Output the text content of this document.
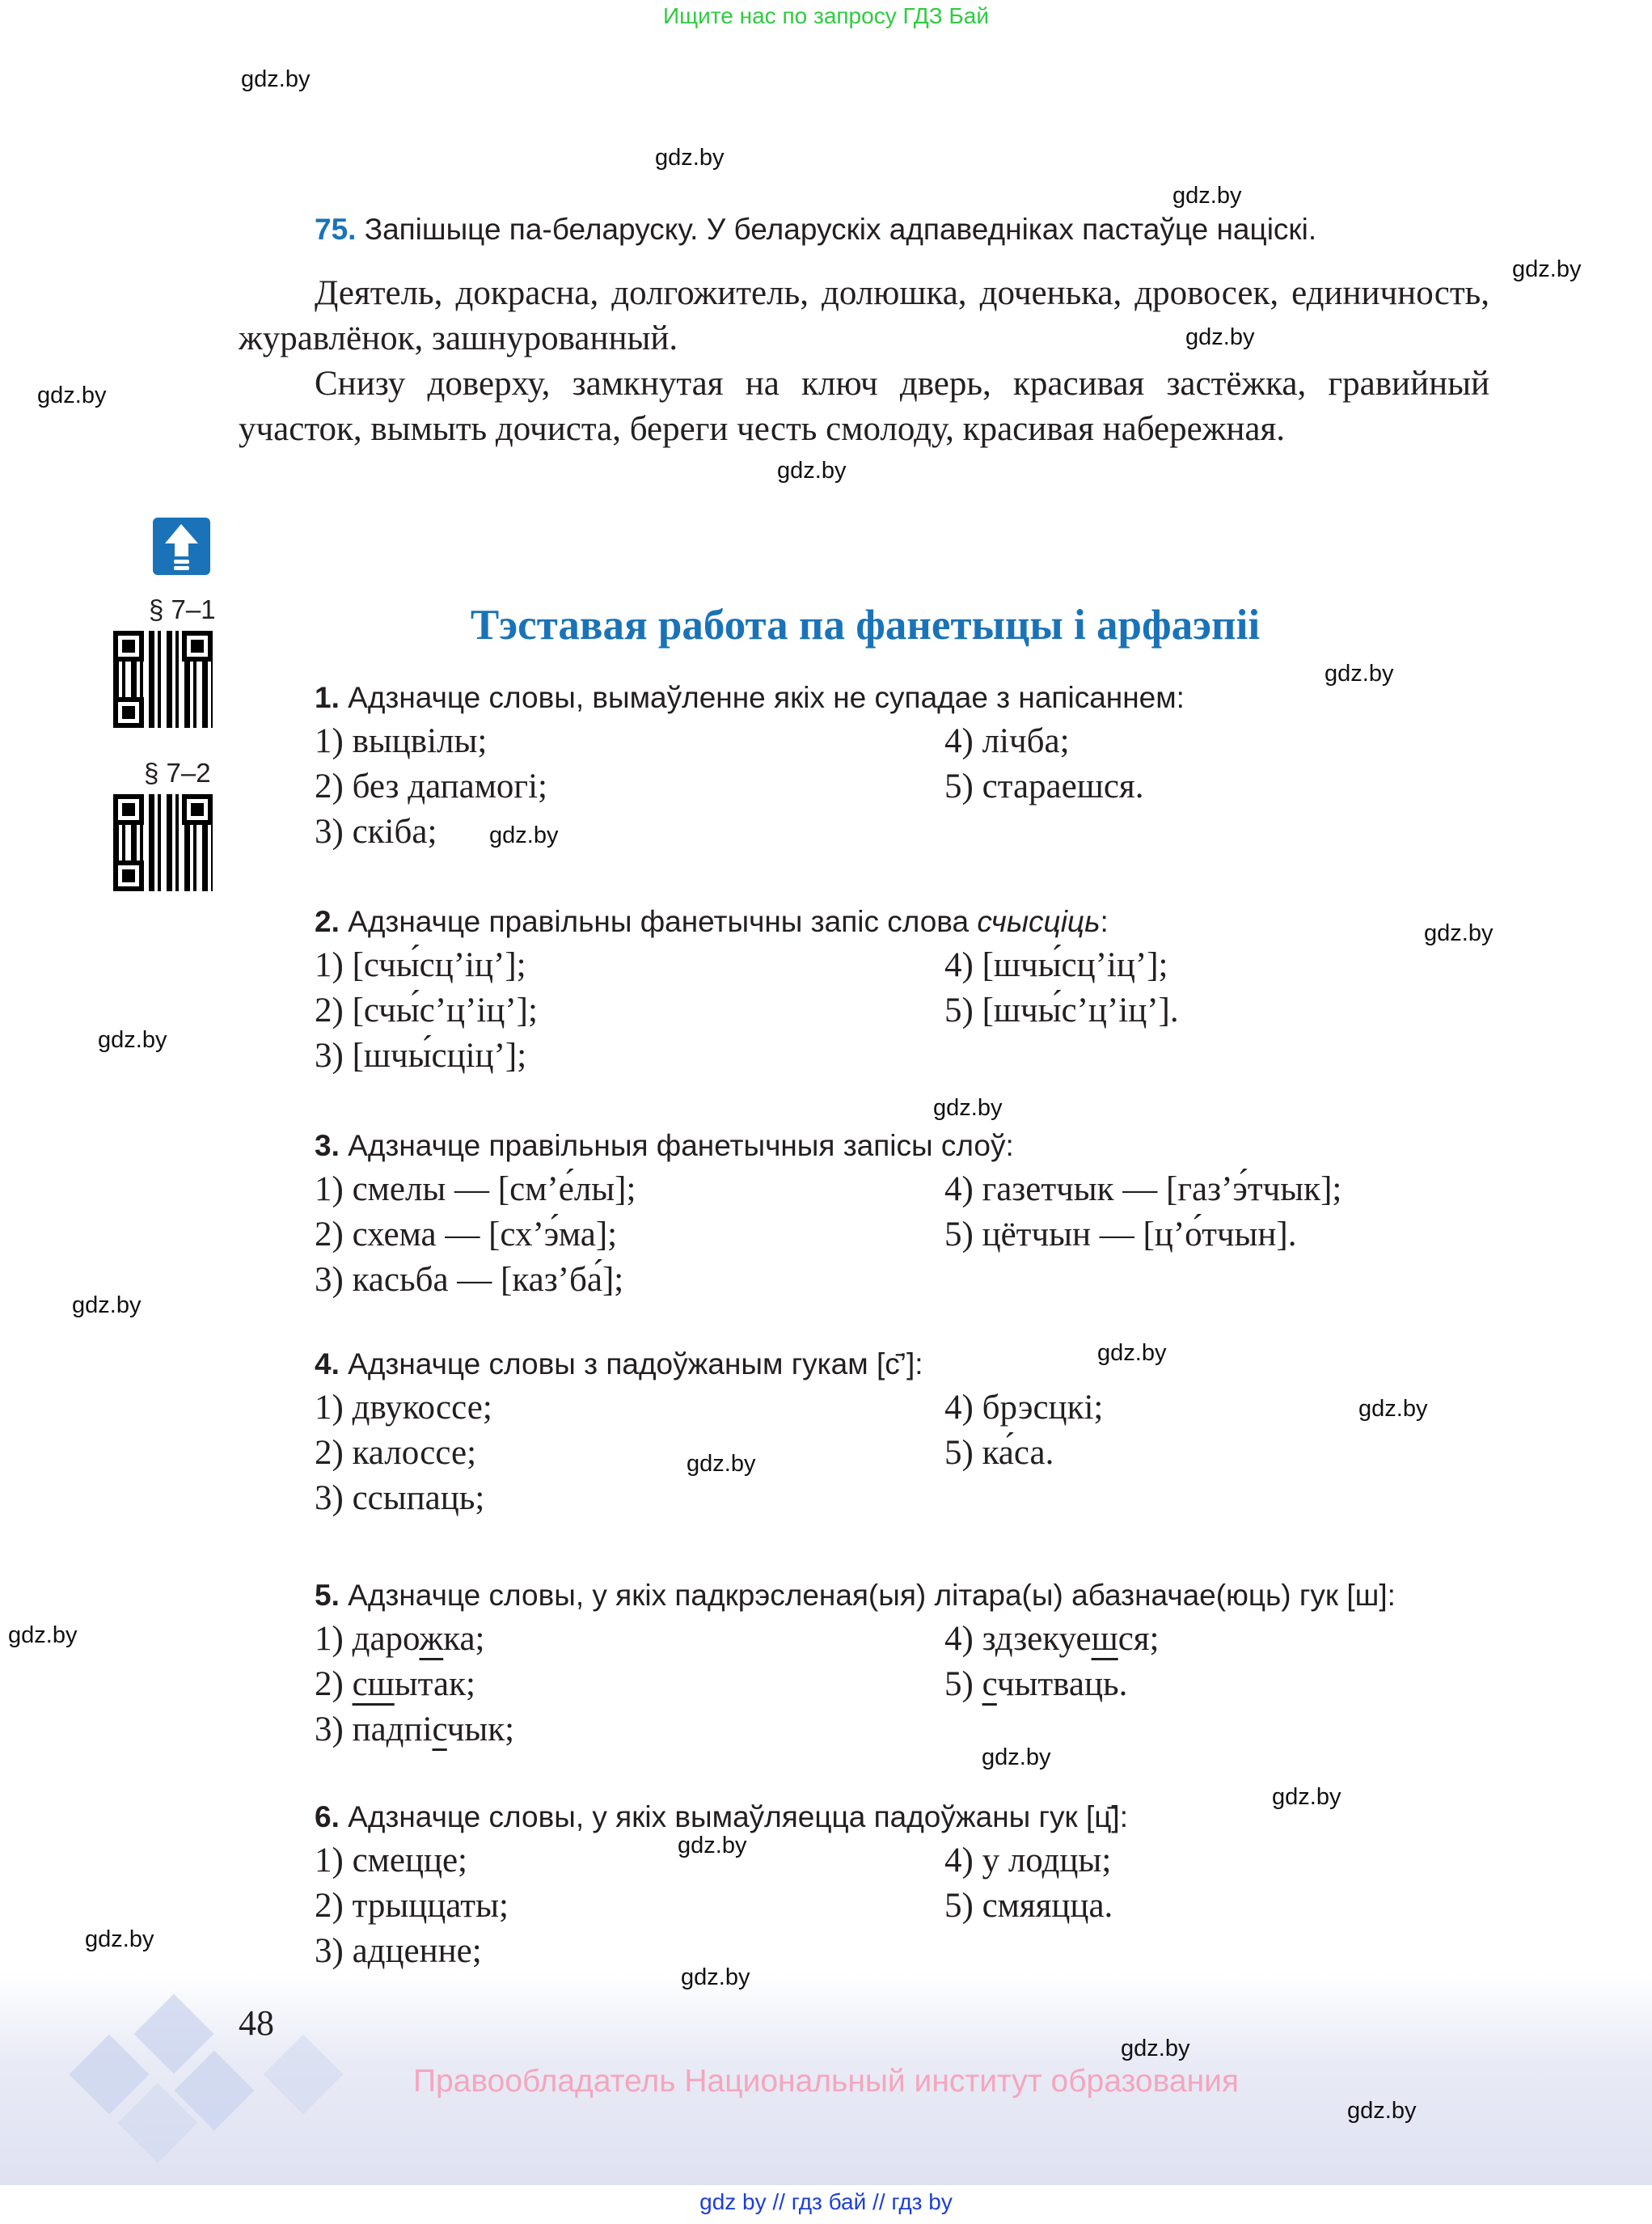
Ищите нас по запросу ГДЗ Бай
75. Запішыце па-беларуску. У беларускіх адпаведніках пастаўце націскі.
Деятель, докрасна, долгожитель, долюшка, доченька, дровосек, единичность, журавлёнок, зашнурованный.
Снизу доверху, замкнутая на ключ дверь, красивая застёжка, гравийный участок, вымыть дочиста, береги честь смолоду, красивая набережная.
§ 7–1
§ 7–2
Тэставая работа па фанетыцы і арфаэпіі
1. Адзначце словы, вымаўленне якіх не супадае з напісаннем:
1) выцвілы;
2) без дапамогі;
3) скіба;
4) лічба;
5) стараешся.
2. Адзначце правільны фанетычны запіс слова счысціць:
1) [счы́сц’іц’];
2) [счы́с’ц’іц’];
3) [шчы́сціц’];
4) [шчы́сц’іц’];
5) [шчы́с’ц’іц’].
3. Адзначце правільныя фанетычныя запісы слоў:
1) смелы — [см’е́лы];
2) схема — [сх’э́ма];
3) касьба — [каз’ба́];
4) газетчык — [газ’э́тчык];
5) цётчын — [ц’о́тчын].
4. Адзначце словы з падоўжаным гукам [с̄’]:
1) двукоссе;
2) калоссе;
3) ссыпаць;
4) брэсцкі;
5) ка́са.
5. Адзначце словы, у якіх падкрэсленая(ыя) літара(ы) абазначае(юць) гук [ш]:
1) дарожка;
2) сшытак;
3) падпісчык;
4) здзекуешся;
5) счытваць.
6. Адзначце словы, у якіх вымаўляецца падоўжаны гук [ц̄]:
1) смецце;
2) трыццаты;
3) адценне;
4) у лодцы;
5) смяяцца.
48
Правообладатель Национальный институт образования
gdz by // гдз бай // гдз by
gdz.by
gdz.by
gdz.by
gdz.by
gdz.by
gdz.by
gdz.by
gdz.by
gdz.by
gdz.by
gdz.by
gdz.by
gdz.by
gdz.by
gdz.by
gdz.by
gdz.by
gdz.by
gdz.by
gdz.by
gdz.by
gdz.by
gdz.by
gdz.by
